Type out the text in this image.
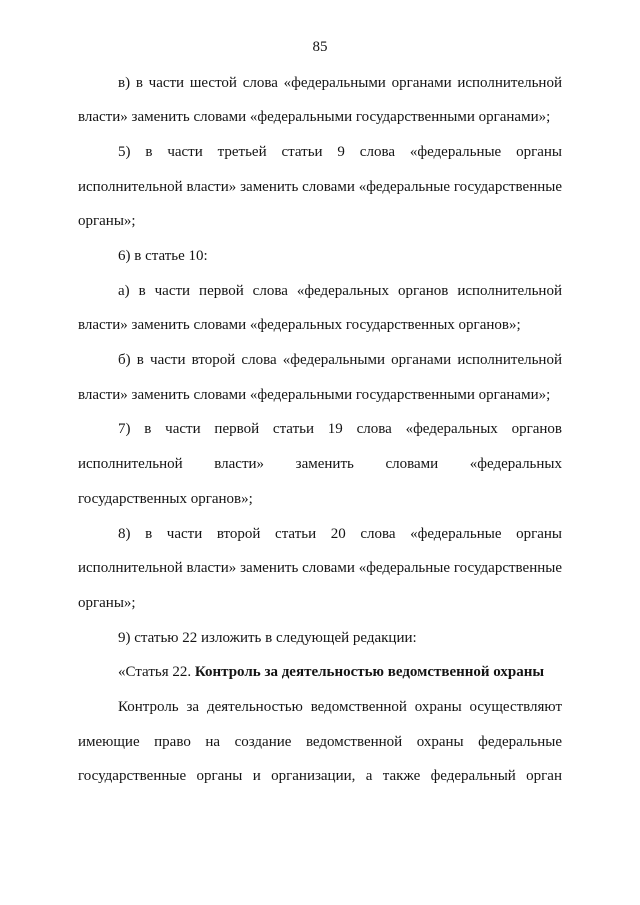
85
в) в части шестой слова «федеральными органами исполнительной
власти» заменить словами «федеральными государственными органами»;
5) в части третьей статьи 9 слова «федеральные органы
исполнительной власти» заменить словами «федеральные государственные
органы»;
6) в статье 10:
а) в части первой слова «федеральных органов исполнительной
власти» заменить словами «федеральных государственных органов»;
б) в части второй слова «федеральными органами исполнительной
власти» заменить словами «федеральными государственными органами»;
7) в части первой статьи 19 слова «федеральных органов
исполнительной власти» заменить словами «федеральных
государственных органов»;
8) в части второй статьи 20 слова «федеральные органы
исполнительной власти» заменить словами «федеральные государственные
органы»;
9) статью 22 изложить в следующей редакции:
«Статья 22. Контроль за деятельностью ведомственной охраны
Контроль за деятельностью ведомственной охраны осуществляют
имеющие право на создание ведомственной охраны федеральные
государственные органы и организации, а также федеральный орган
